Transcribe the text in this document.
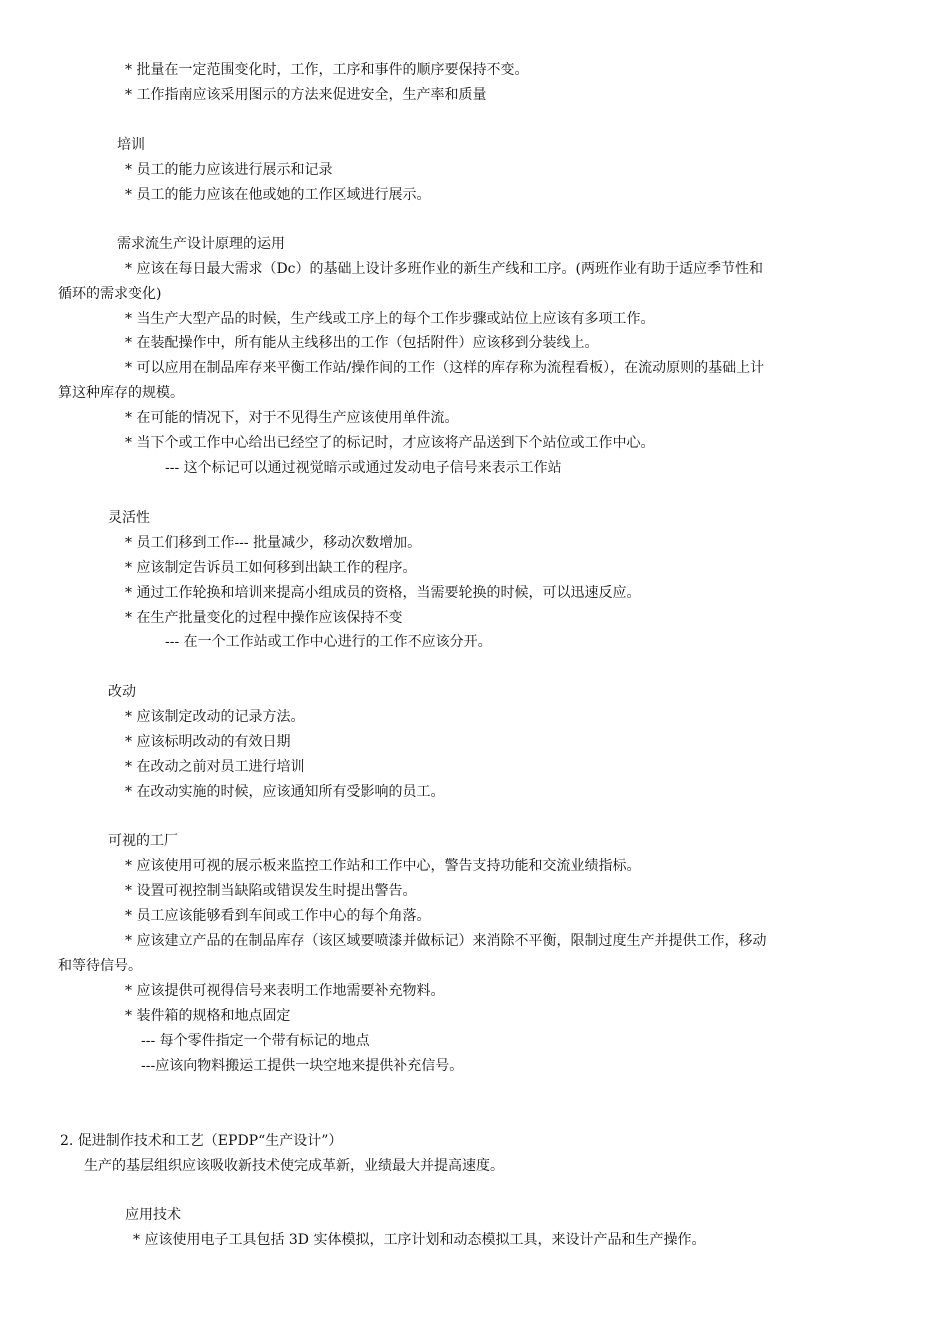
* 批量在一定范围变化时，工作，工序和事件的顺序要保持不变。
* 工作指南应该采用图示的方法来促进安全，生产率和质量
培训
* 员工的能力应该进行展示和记录
* 员工的能力应该在他或她的工作区域进行展示。
需求流生产设计原理的运用
* 应该在每日最大需求（Dc）的基础上设计多班作业的新生产线和工序。(两班作业有助于适应季节性和
循环的需求变化)
* 当生产大型产品的时候，生产线或工序上的每个工作步骤或站位上应该有多项工作。
* 在装配操作中，所有能从主线移出的工作（包括附件）应该移到分装线上。
* 可以应用在制品库存来平衡工作站/操作间的工作（这样的库存称为流程看板），在流动原则的基础上计
算这种库存的规模。
* 在可能的情况下，对于不见得生产应该使用单件流。
* 当下个或工作中心给出已经空了的标记时，才应该将产品送到下个站位或工作中心。
--- 这个标记可以通过视觉暗示或通过发动电子信号来表示工作站
灵活性
* 员工们移到工作--- 批量减少，移动次数增加。
* 应该制定告诉员工如何移到出缺工作的程序。
* 通过工作轮换和培训来提高小组成员的资格，当需要轮换的时候，可以迅速反应。
* 在生产批量变化的过程中操作应该保持不变
--- 在一个工作站或工作中心进行的工作不应该分开。
改动
* 应该制定改动的记录方法。
* 应该标明改动的有效日期
* 在改动之前对员工进行培训
* 在改动实施的时候，应该通知所有受影响的员工。
可视的工厂
* 应该使用可视的展示板来监控工作站和工作中心，警告支持功能和交流业绩指标。
* 设置可视控制当缺陷或错误发生时提出警告。
* 员工应该能够看到车间或工作中心的每个角落。
* 应该建立产品的在制品库存（该区域要喷漆并做标记）来消除不平衡，限制过度生产并提供工作，移动
和等待信号。
* 应该提供可视得信号来表明工作地需要补充物料。
* 装件箱的规格和地点固定
--- 每个零件指定一个带有标记的地点
---应该向物料搬运工提供一块空地来提供补充信号。
2. 促进制作技术和工艺（EPDP“生产设计”）
生产的基层组织应该吸收新技术使完成革新，业绩最大并提高速度。
应用技术
* 应该使用电子工具包括 3D 实体模拟，工序计划和动态模拟工具，来设计产品和生产操作。
